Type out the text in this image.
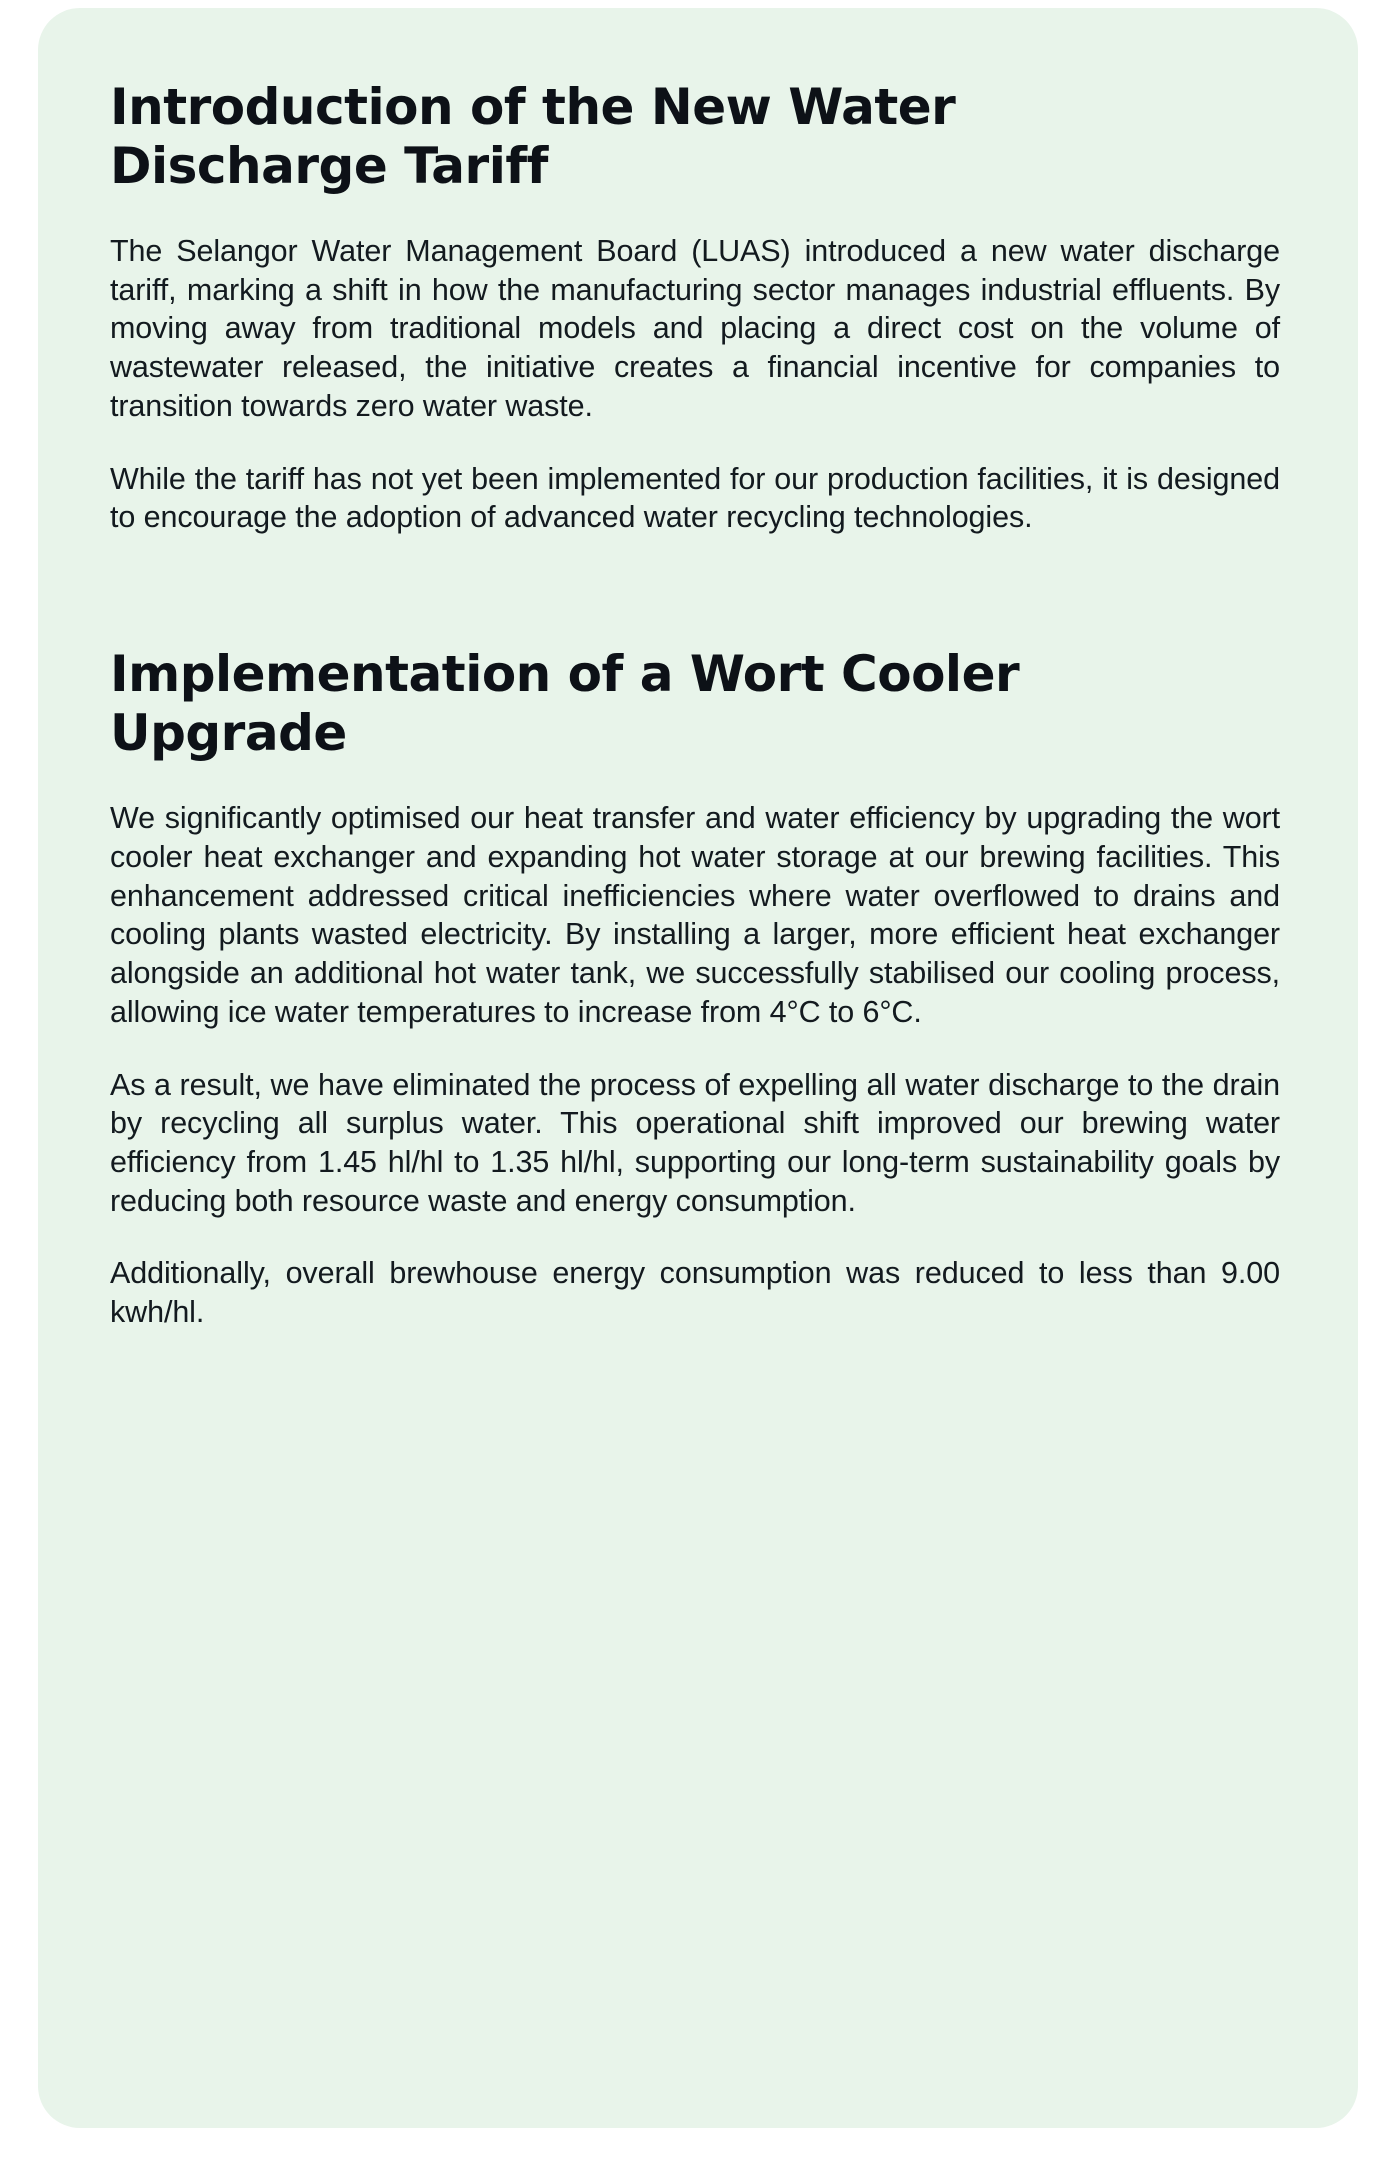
Introduction of the New Water Discharge Tariff

The Selangor Water Management Board (LUAS) introduced a new water discharge tariff, marking a shift in how the manufacturing sector manages industrial effluents. By moving away from traditional models and placing a direct cost on the volume of wastewater released, the initiative creates a financial incentive for companies to transition towards zero water waste.

While the tariff has not yet been implemented for our production facilities, it is designed to encourage the adoption of advanced water recycling technologies.

Implementation of a Wort Cooler Upgrade

We significantly optimised our heat transfer and water efficiency by upgrading the wort cooler heat exchanger and expanding hot water storage at our brewing facilities. This enhancement addressed critical inefficiencies where water overflowed to drains and cooling plants wasted electricity. By installing a larger, more efficient heat exchanger alongside an additional hot water tank, we successfully stabilised our cooling process, allowing ice water temperatures to increase from 4°C to 6°C.

As a result, we have eliminated the process of expelling all water discharge to the drain by recycling all surplus water. This operational shift improved our brewing water efficiency from 1.45 hl/hl to 1.35 hl/hl, supporting our long-term sustainability goals by reducing both resource waste and energy consumption.

Additionally, overall brewhouse energy consumption was reduced to less than 9.00 kwh/hl.
